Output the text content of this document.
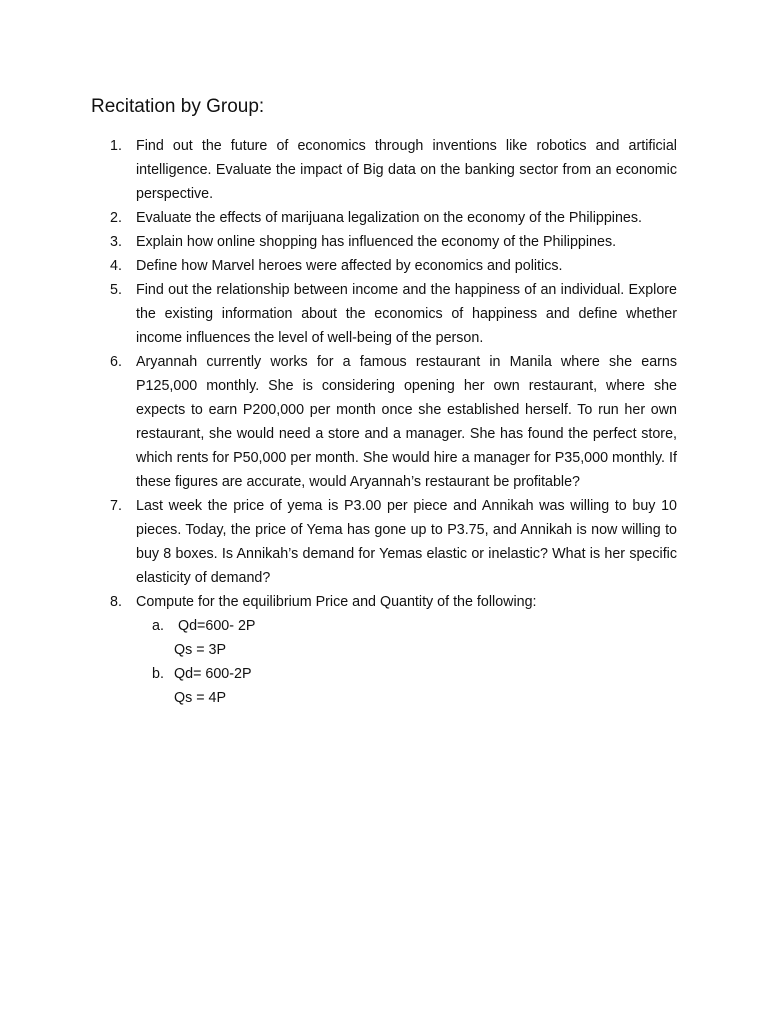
Recitation by Group:
1. Find out the future of economics through inventions like robotics and artificial intelligence. Evaluate the impact of Big data on the banking sector from an economic perspective.
2. Evaluate the effects of marijuana legalization on the economy of the Philippines.
3. Explain how online shopping has influenced the economy of the Philippines.
4. Define how Marvel heroes were affected by economics and politics.
5. Find out the relationship between income and the happiness of an individual. Explore the existing information about the economics of happiness and define whether income influences the level of well-being of the person.
6. Aryannah currently works for a famous restaurant in Manila where she earns P125,000 monthly. She is considering opening her own restaurant, where she expects to earn P200,000 per month once she established herself. To run her own restaurant, she would need a store and a manager. She has found the perfect store, which rents for P50,000 per month. She would hire a manager for P35,000 monthly. If these figures are accurate, would Aryannah’s restaurant be profitable?
7. Last week the price of yema is P3.00 per piece and Annikah was willing to buy 10 pieces. Today, the price of Yema has gone up to P3.75, and Annikah is now willing to buy 8 boxes. Is Annikah’s demand for Yemas elastic or inelastic? What is her specific elasticity of demand?
8. Compute for the equilibrium Price and Quantity of the following:
a. Qd=600- 2P
Qs = 3P
b. Qd= 600-2P
Qs = 4P
